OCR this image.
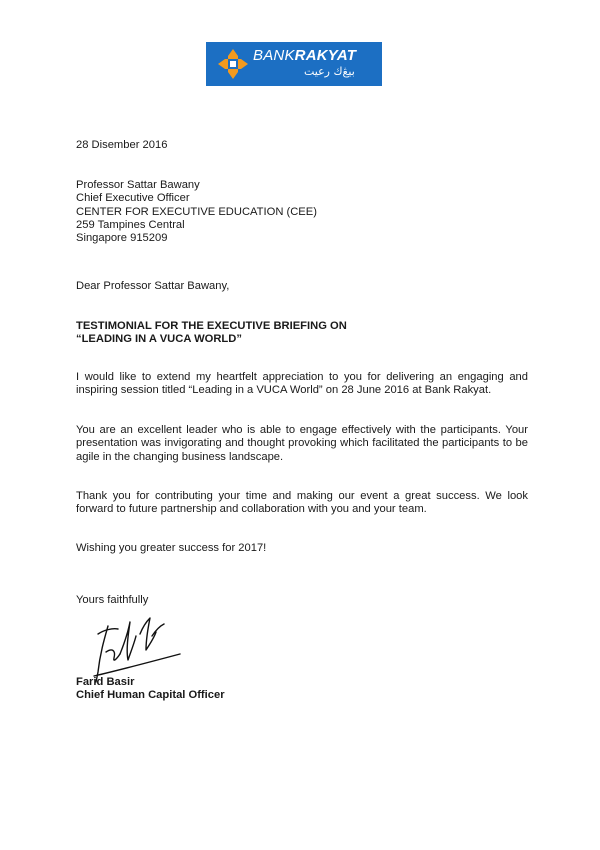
BANKRAKYAT
بيڠ‌ك رعيت
28 Disember 2016
Professor Sattar Bawany
Chief Executive Officer
CENTER FOR EXECUTIVE EDUCATION (CEE)
259 Tampines Central
Singapore 915209
Dear Professor Sattar Bawany,
TESTIMONIAL FOR THE EXECUTIVE BRIEFING ON
“LEADING IN A VUCA WORLD”
I would like to extend my heartfelt appreciation to you for delivering an engaging and inspiring session titled “Leading in a VUCA World” on 28 June 2016 at Bank Rakyat.
You are an excellent leader who is able to engage effectively with the participants. Your presentation was invigorating and thought provoking which facilitated the participants to be agile in the changing business landscape.
Thank you for contributing your time and making our event a great success. We look forward to future partnership and collaboration with you and your team.
Wishing you greater success for 2017!
Yours faithfully
Farid Basir
Chief Human Capital Officer
